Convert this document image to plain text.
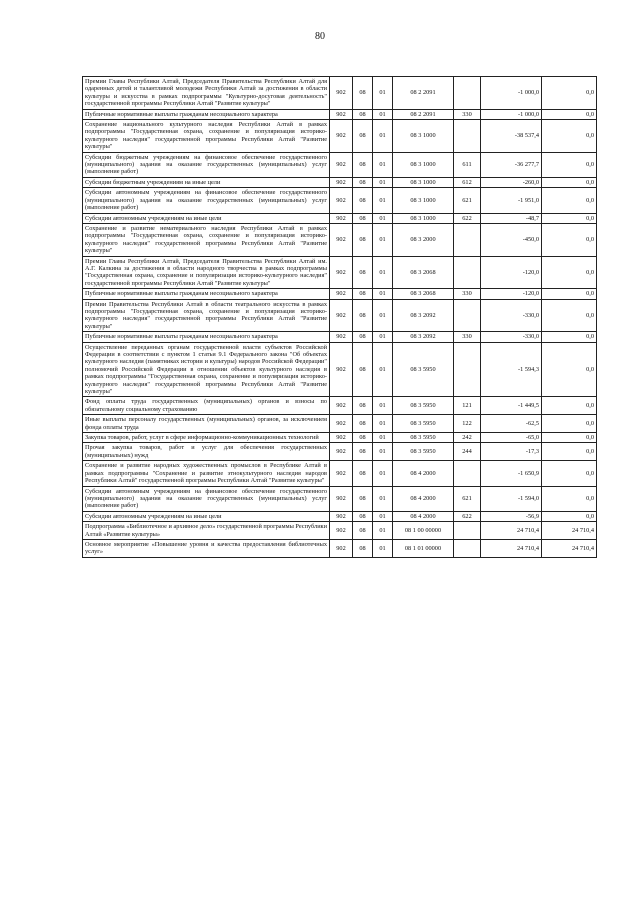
80
Премии Главы Республики Алтай, Председателя Правительства Республики Алтай для одаренных детей и талантливой молодежи Республики Алтай за достижения в области культуры и искусства в рамках подпрограммы "Культурно-досуговая деятельность" государственной программы Республики Алтай "Развитие культуры"	902	08	01	08 2 2091		-1 000,0	0,0
Публичные нормативные выплаты гражданам несоциального характера	902	08	01	08 2 2091	330	-1 000,0	0,0
Сохранение национального культурного наследия Республики Алтай в рамках подпрограммы "Государственная охрана, сохранение и популяризация историко-культурного наследия" государственной программы Республики Алтай "Развитие культуры"	902	08	01	08 3 1000		-38 537,4	0,0
Субсидии бюджетным учреждениям на финансовое обеспечение государственного (муниципального) задания на оказание государственных (муниципальных) услуг (выполнение работ)	902	08	01	08 3 1000	611	-36 277,7	0,0
Субсидии бюджетным учреждениям на иные цели	902	08	01	08 3 1000	612	-260,0	0,0
Субсидии автономным учреждениям на финансовое обеспечение государственного (муниципального) задания на оказание государственных (муниципальных) услуг (выполнение работ)	902	08	01	08 3 1000	621	-1 951,0	0,0
Субсидии автономным учреждениям на иные цели	902	08	01	08 3 1000	622	-48,7	0,0
Сохранение и развитие нематериального наследия Республики Алтай в рамках подпрограммы "Государственная охрана, сохранение и популяризация историко-культурного наследия" государственной программы Республики Алтай "Развитие культуры"	902	08	01	08 3 2000		-450,0	0,0
Премии Главы Республики Алтай, Председателя Правительства Республики Алтай им. А.Г. Калкина за достижения в области народного творчества в рамках подпрограммы "Государственная охрана, сохранение и популяризация историко-культурного наследия" государственной программы Республики Алтай "Развитие культуры"	902	08	01	08 3 2068		-120,0	0,0
Публичные нормативные выплаты гражданам несоциального характера	902	08	01	08 3 2068	330	-120,0	0,0
Премии Правительства Республики Алтай в области театрального искусства в рамках подпрограммы "Государственная охрана, сохранение и популяризация историко-культурного наследия" государственной программы Республики Алтай "Развитие культуры"	902	08	01	08 3 2092		-330,0	0,0
Публичные нормативные выплаты гражданам несоциального характера	902	08	01	08 3 2092	330	-330,0	0,0
Осуществление переданных органам государственной власти субъектов Российской Федерации в соответствии с пунктом 1 статьи 9.1 Федерального закона "Об объектах культурного наследия (памятниках истории и культуры) народов Российской Федерации" полномочий Российской Федерации в отношении объектов культурного наследия в рамках подпрограммы "Государственная охрана, сохранение и популяризация историко-культурного наследия" государственной программы Республики Алтай "Развитие культуры"	902	08	01	08 3 5950		-1 594,3	0,0
Фонд оплаты труда государственных (муниципальных) органов и взносы по обязательному социальному страхованию	902	08	01	08 3 5950	121	-1 449,5	0,0
Иные выплаты персоналу государственных (муниципальных) органов, за исключением фонда оплаты труда	902	08	01	08 3 5950	122	-62,5	0,0
Закупка товаров, работ, услуг в сфере информационно-коммуникационных технологий	902	08	01	08 3 5950	242	-65,0	0,0
Прочая закупка товаров, работ и услуг для обеспечения государственных (муниципальных) нужд	902	08	01	08 3 5950	244	-17,3	0,0
Сохранение и развитие народных художественных промыслов в Республике Алтай в рамках подпрограммы "Сохранение и развитие этнокультурного наследия народов Республики Алтай" государственной программы Республики Алтай "Развитие культуры"	902	08	01	08 4 2000		-1 650,9	0,0
Субсидии автономным учреждениям на финансовое обеспечение государственного (муниципального) задания на оказание государственных (муниципальных) услуг (выполнение работ)	902	08	01	08 4 2000	621	-1 594,0	0,0
Субсидии автономным учреждениям на иные цели	902	08	01	08 4 2000	622	-56,9	0,0
Подпрограмма «Библиотечное и архивное дело» государственной программы Республики Алтай «Развитие культуры»	902	08	01	08 1 00 00000		24 710,4	24 710,4
Основное мероприятие «Повышение уровня и качества предоставления библиотечных услуг»	902	08	01	08 1 01 00000		24 710,4	24 710,4
